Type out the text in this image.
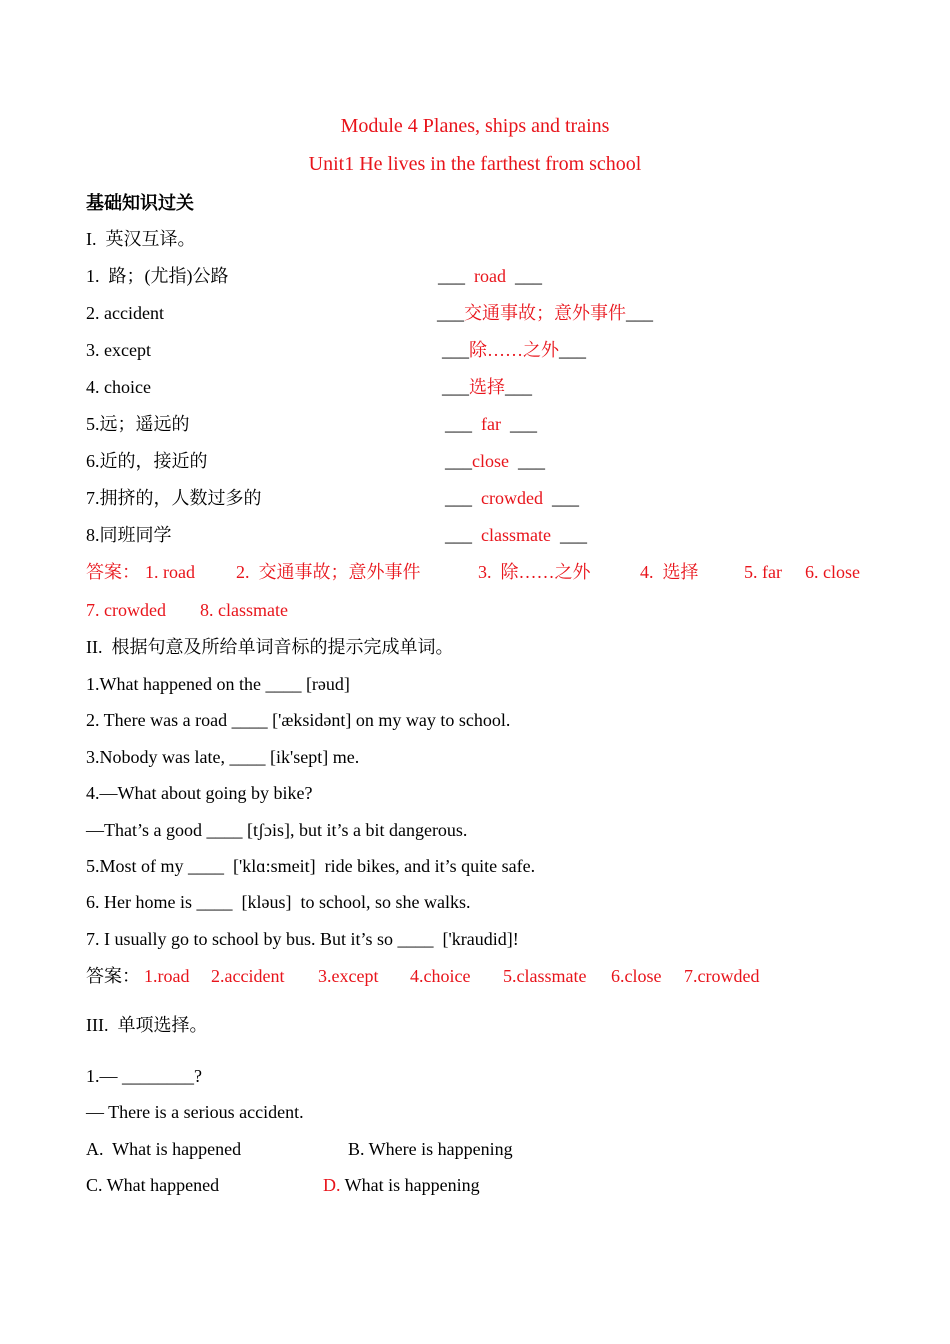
Module 4 Planes, ships and trains
Unit1 He lives in the farthest from school
基础知识过关
I.  英汉互译。
1.  路；(尤指)公路	___  road  ___
2. accident	___交通事故；意外事件___
3. except	___除……之外___
4. choice	___选择___
5.远；遥远的	___  far  ___
6.近的，接近的	___close  ___
7.拥挤的，人数过多的	___  crowded  ___
8.同班同学	___  classmate  ___
答案： 1. road 2.  交通事故；意外事件	3.  除……之外	4.  选择	5. far 6. close
7. crowded 8. classmate
II.  根据句意及所给单词音标的提示完成单词。
1.What happened on the ____ [rəud]
2. There was a road ____ ['æksidənt] on my way to school.
3.Nobody was late, ____ [ik'sept] me.
4.—What about going by bike?
—That’s a good ____ [tʃɔis], but it’s a bit dangerous.
5.Most of my ____  ['klɑ:smeit]  ride bikes, and it’s quite safe.
6. Her home is ____  [kləus]  to school, so she walks.
7. I usually go to school by bus. But it’s so ____  ['kraudid]!
答案： 1.road 2.accident 3.except 4.choice 5.classmate 6.close 7.crowded
III.  单项选择。
1.— ________?
— There is a serious accident.
A.  What is happened	B. Where is happening
C. What happened	D. What is happening
